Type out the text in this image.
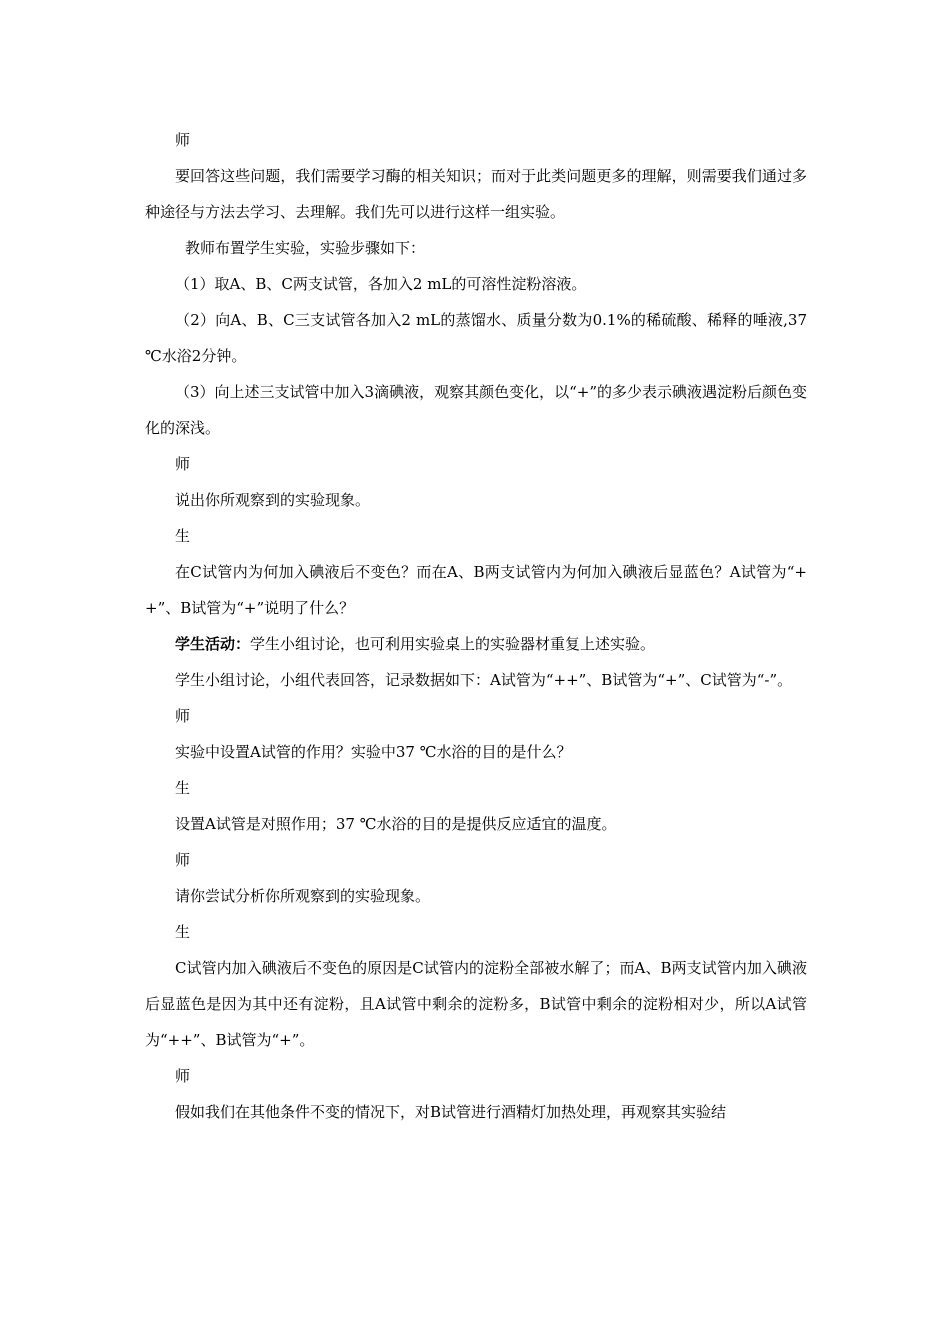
师

要回答这些问题，我们需要学习酶的相关知识；而对于此类问题更多的理解，则需要我们通过多种途径与方法去学习、去理解。我们先可以进行这样一组实验。

教师布置学生实验，实验步骤如下：

（1）取A、B、C两支试管，各加入2 mL的可溶性淀粉溶液。

（2）向A、B、C三支试管各加入2 mL的蒸馏水、质量分数为0.1%的稀硫酸、稀释的唾液,37 ℃水浴2分钟。

（3）向上述三支试管中加入3滴碘液，观察其颜色变化，以“+”的多少表示碘液遇淀粉后颜色变化的深浅。

师

说出你所观察到的实验现象。

生

在C试管内为何加入碘液后不变色？而在A、B两支试管内为何加入碘液后显蓝色？A试管为“++”、B试管为“+”说明了什么？

学生活动：学生小组讨论，也可利用实验桌上的实验器材重复上述实验。

学生小组讨论，小组代表回答，记录数据如下：A试管为“++”、B试管为“+”、C试管为“-”。

师

实验中设置A试管的作用？实验中37 ℃水浴的目的是什么？

生

设置A试管是对照作用；37 ℃水浴的目的是提供反应适宜的温度。

师

请你尝试分析你所观察到的实验现象。

生

C试管内加入碘液后不变色的原因是C试管内的淀粉全部被水解了；而A、B两支试管内加入碘液后显蓝色是因为其中还有淀粉，且A试管中剩余的淀粉多，B试管中剩余的淀粉相对少，所以A试管为“++”、B试管为“+”。

师

假如我们在其他条件不变的情况下，对B试管进行酒精灯加热处理，再观察其实验结
